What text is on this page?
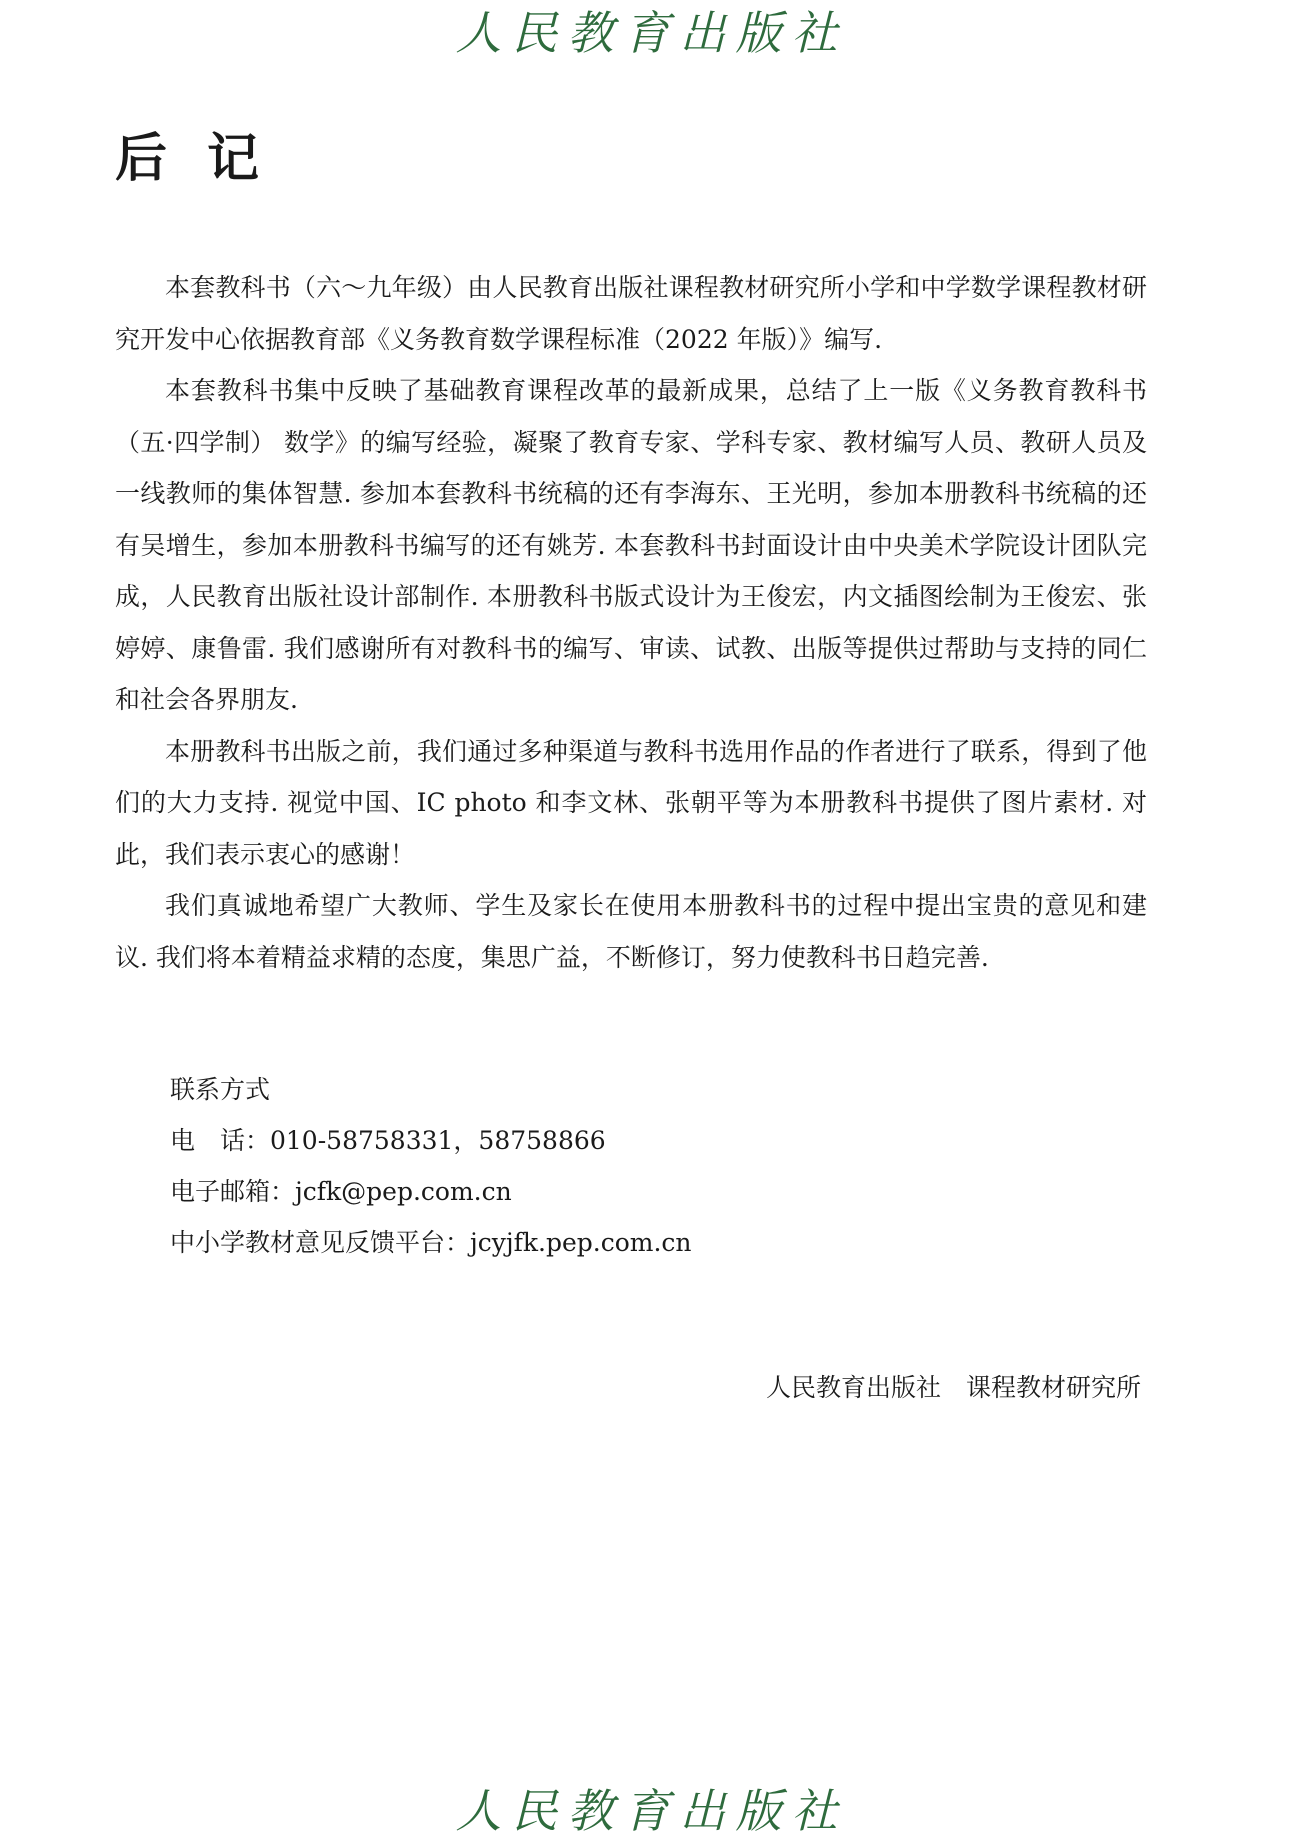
人民教育出版社
后记

本套教科书（六～九年级）由人民教育出版社课程教材研究所小学和中学数学课程教材研究开发中心依据教育部《义务教育数学课程标准（2022 年版）》编写.

本套教科书集中反映了基础教育课程改革的最新成果，总结了上一版《义务教育教科书（五·四学制） 数学》的编写经验，凝聚了教育专家、学科专家、教材编写人员、教研人员及一线教师的集体智慧. 参加本套教科书统稿的还有李海东、王光明，参加本册教科书统稿的还有吴增生，参加本册教科书编写的还有姚芳. 本套教科书封面设计由中央美术学院设计团队完成，人民教育出版社设计部制作. 本册教科书版式设计为王俊宏，内文插图绘制为王俊宏、张婷婷、康鲁雷. 我们感谢所有对教科书的编写、审读、试教、出版等提供过帮助与支持的同仁和社会各界朋友.

本册教科书出版之前，我们通过多种渠道与教科书选用作品的作者进行了联系，得到了他们的大力支持. 视觉中国、IC photo 和李文林、张朝平等为本册教科书提供了图片素材. 对此，我们表示衷心的感谢！

我们真诚地希望广大教师、学生及家长在使用本册教科书的过程中提出宝贵的意见和建议. 我们将本着精益求精的态度，集思广益，不断修订，努力使教科书日趋完善.

联系方式
电　话：010-58758331，58758866
电子邮箱：jcfk@pep.com.cn
中小学教材意见反馈平台：jcyjfk.pep.com.cn
人民教育出版社　课程教材研究所
人民教育出版社
